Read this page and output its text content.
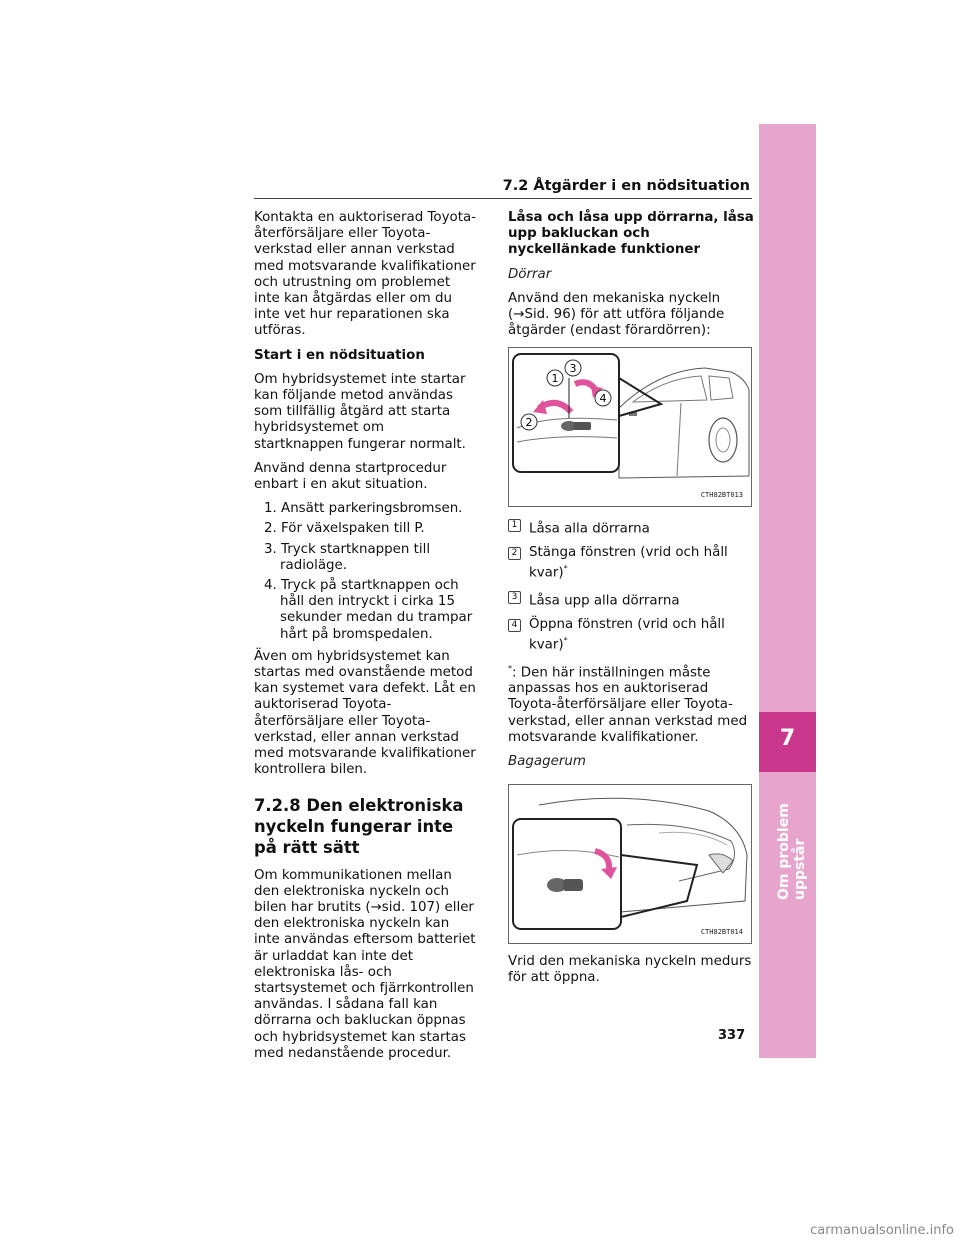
7.2 Åtgärder i en nödsituation

Kontakta en auktoriserad Toyota-återförsäljare eller Toyota-verkstad eller annan verkstad med motsvarande kvalifikationer och utrustning om problemet inte kan åtgärdas eller om du inte vet hur reparationen ska utföras.

Start i en nödsituation

Om hybridsystemet inte startar kan följande metod användas som tillfällig åtgärd att starta hybridsystemet om startknappen fungerar normalt.

Använd denna startprocedur enbart i en akut situation.

1. Ansätt parkeringsbromsen.

2. För växelspaken till P.

3. Tryck startknappen till radioläge.

4. Tryck på startknappen och håll den intryckt i cirka 15 sekunder medan du trampar hårt på bromspedalen.

Även om hybridsystemet kan startas med ovanstående metod kan systemet vara defekt. Låt en auktoriserad Toyota-återförsäljare eller Toyota-verkstad, eller annan verkstad med motsvarande kvalifikationer kontrollera bilen.

7.2.8 Den elektroniska nyckeln fungerar inte på rätt sätt

Om kommunikationen mellan den elektroniska nyckeln och bilen har brutits (→sid. 107) eller den elektroniska nyckeln kan inte användas eftersom batteriet är urladdat kan inte det elektroniska lås- och startsystemet och fjärrkontrollen användas. I sådana fall kan dörrarna och bakluckan öppnas och hybridsystemet kan startas med nedanstående procedur.

Låsa och låsa upp dörrarna, låsa upp bakluckan och nyckellänkade funktioner

Dörrar

Använd den mekaniska nyckeln (→Sid. 96) för att utföra följande åtgärder (endast förardörren):

1
3
4
2
CTH82BT013
1 Låsa alla dörrarna
2 Stänga fönstren (vrid och håll kvar)*
3 Låsa upp alla dörrarna
4 Öppna fönstren (vrid och håll kvar)*

*: Den här inställningen måste anpassas hos en auktoriserad Toyota-återförsäljare eller Toyota-verkstad, eller annan verkstad med motsvarande kvalifikationer.

Bagagerum

CTH82BT014

Vrid den mekaniska nyckeln medurs för att öppna.

7
Om problem uppstår
337
carmanualsonline.info
